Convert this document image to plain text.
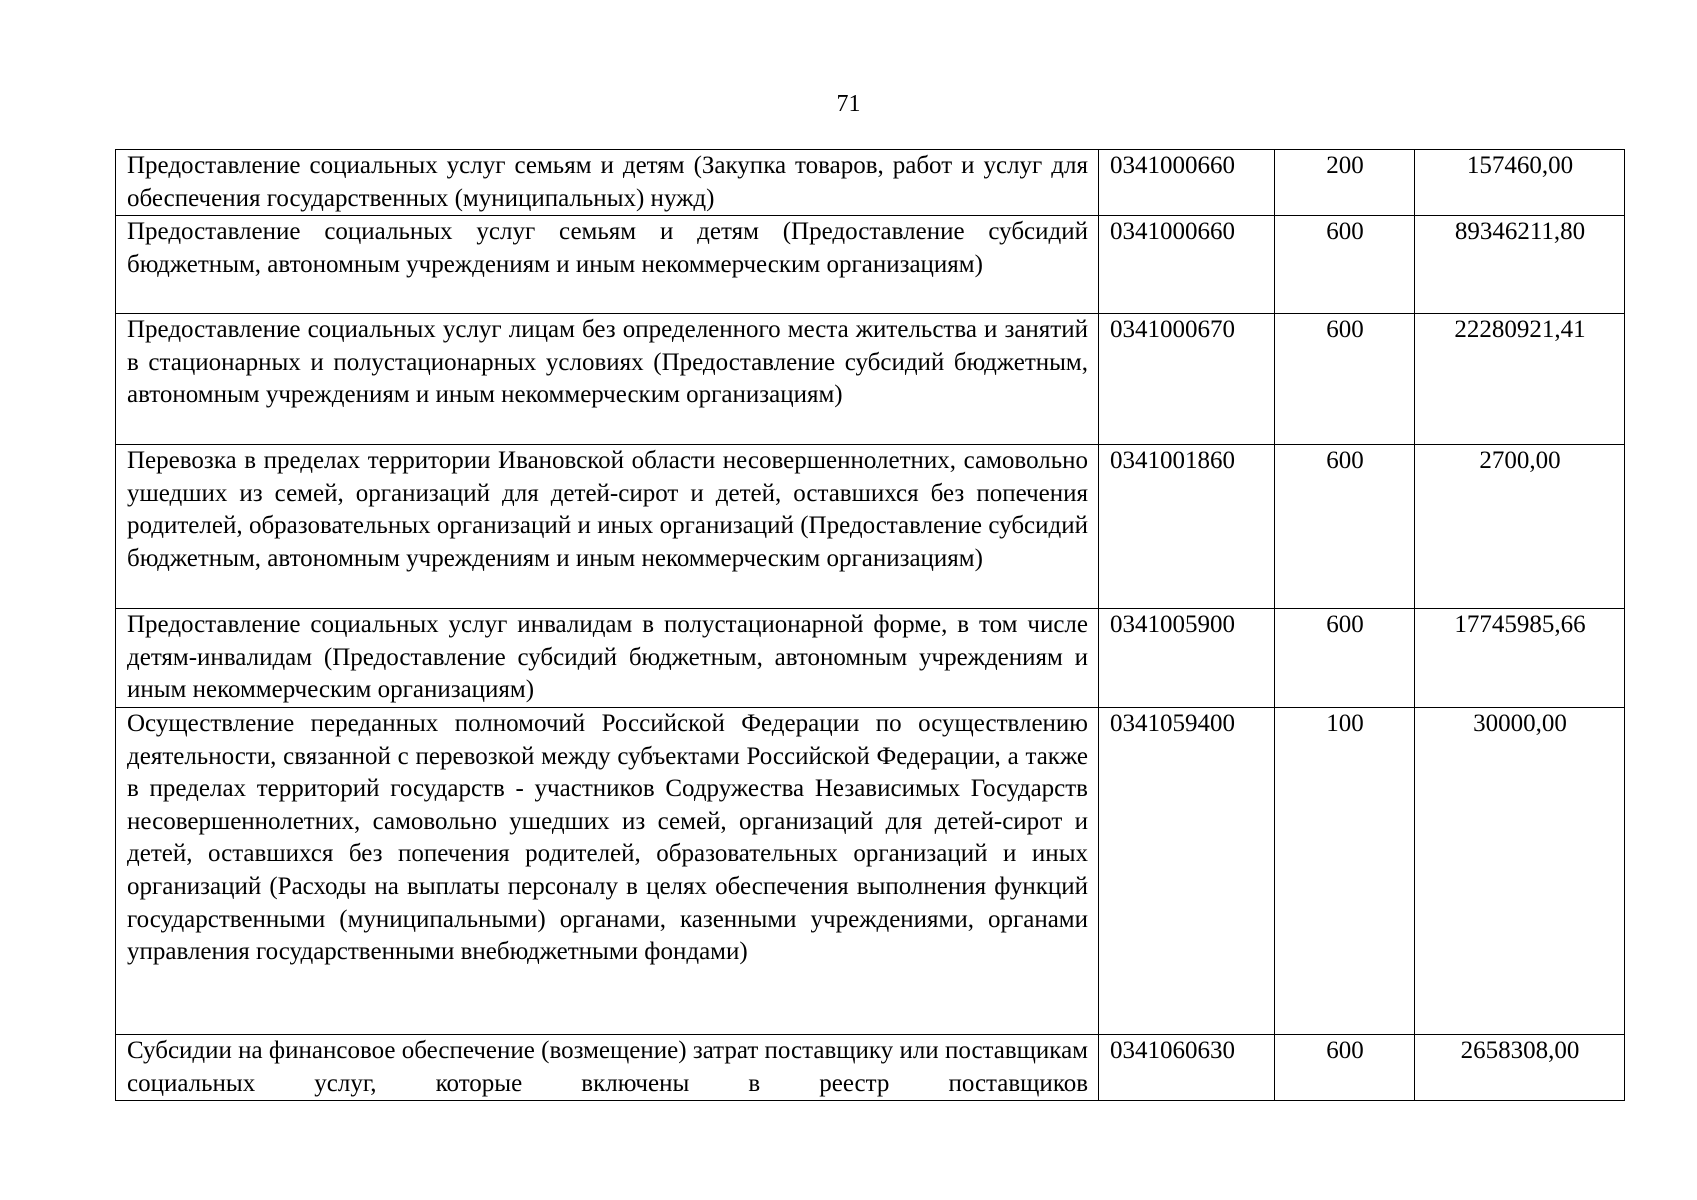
71
Предоставление социальных услуг семьям и детям (Закупка товаров, работ и услуг для обеспечения государственных (муниципальных) нужд)	0341000660	200	157460,00
Предоставление социальных услуг семьям и детям (Предоставление субсидий бюджетным, автономным учреждениям и иным некоммерческим организациям)	0341000660	600	89346211,80
Предоставление социальных услуг лицам без определенного места жительства и занятий в стационарных и полустационарных условиях (Предоставление субсидий бюджетным, автономным учреждениям и иным некоммерческим организациям)	0341000670	600	22280921,41
Перевозка в пределах территории Ивановской области несовершеннолетних, самовольно ушедших из семей, организаций для детей-сирот и детей, оставшихся без попечения родителей, образовательных организаций и иных организаций (Предоставление субсидий бюджетным, автономным учреждениям и иным некоммерческим организациям)	0341001860	600	2700,00
Предоставление социальных услуг инвалидам в полустационарной форме, в том числе детям-инвалидам (Предоставление субсидий бюджетным, автономным учреждениям и иным некоммерческим организациям)	0341005900	600	17745985,66
Осуществление переданных полномочий Российской Федерации по осуществлению деятельности, связанной с перевозкой между субъектами Российской Федерации, а также в пределах территорий государств - участников Содружества Независимых Государств несовершеннолетних, самовольно ушедших из семей, организаций для детей-сирот и детей, оставшихся без попечения родителей, образовательных организаций и иных организаций (Расходы на выплаты персоналу в целях обеспечения выполнения функций государственными (муниципальными) органами, казенными учреждениями, органами управления государственными внебюджетными фондами)	0341059400	100	30000,00
Субсидии на финансовое обеспечение (возмещение) затрат поставщику или поставщикам социальных услуг, которые включены в реестр поставщиков	0341060630	600	2658308,00
